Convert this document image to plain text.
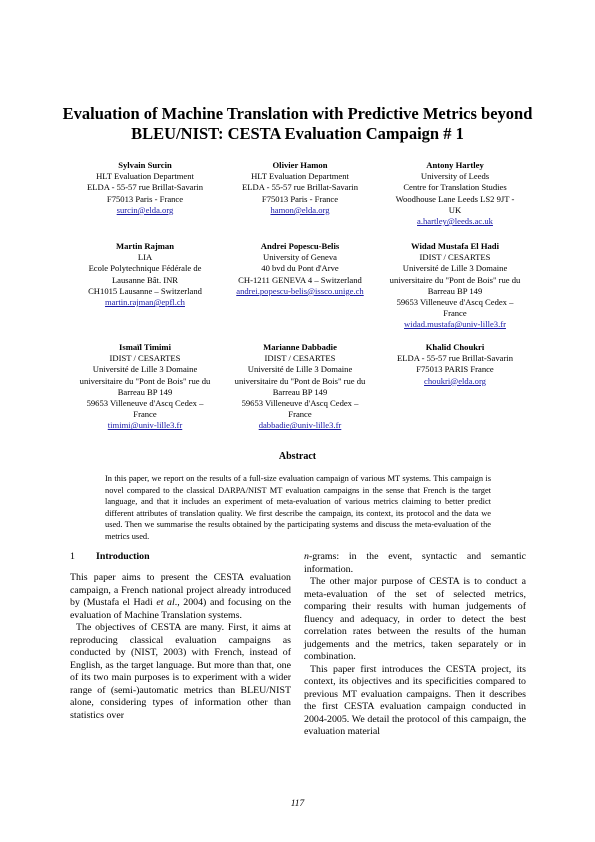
Evaluation of Machine Translation with Predictive Metrics beyond
BLEU/NIST: CESTA Evaluation Campaign # 1
Sylvain Surcin
HLT Evaluation Department
ELDA - 55-57 rue Brillat-Savarin
F75013 Paris - France
surcin@elda.org
Olivier Hamon
HLT Evaluation Department
ELDA - 55-57 rue Brillat-Savarin
F75013 Paris - France
hamon@elda.org
Antony Hartley
University of Leeds
Centre for Translation Studies
Woodhouse Lane Leeds LS2 9JT -
UK
a.hartley@leeds.ac.uk
Martin Rajman
LIA
Ecole Polytechnique Fédérale de
Lausanne Bât. INR
CH1015 Lausanne – Switzerland
martin.rajman@epfl.ch
Andrei Popescu-Belis
University of Geneva
40 bvd du Pont d'Arve
CH-1211 GENEVA 4 – Switzerland
andrei.popescu-belis@issco.unige.ch
Widad Mustafa El Hadi
IDIST / CESARTES
Université de Lille 3 Domaine
universitaire du "Pont de Bois" rue du
Barreau BP 149
59653 Villeneuve d'Ascq Cedex –
France
widad.mustafa@univ-lille3.fr
Ismaïl Timimi
IDIST / CESARTES
Université de Lille 3 Domaine
universitaire du "Pont de Bois" rue du
Barreau BP 149
59653 Villeneuve d'Ascq Cedex –
France
timimi@univ-lille3.fr
Marianne Dabbadie
IDIST / CESARTES
Université de Lille 3 Domaine
universitaire du "Pont de Bois" rue du
Barreau BP 149
59653 Villeneuve d'Ascq Cedex –
France
dabbadie@univ-lille3.fr
Khalid Choukri
ELDA - 55-57 rue Brillat-Savarin
F75013 PARIS France
choukri@elda.org
Abstract
In this paper, we report on the results of a full-size evaluation campaign of various MT systems. This campaign is novel compared to the classical DARPA/NIST MT evaluation campaigns in the sense that French is the target language, and that it includes an experiment of meta-evaluation of various metrics claiming to better predict different attributes of translation quality. We first describe the campaign, its context, its protocol and the data we used. Then we summarise the results obtained by the participating systems and discuss the meta-evaluation of the metrics used.
1 Introduction

This paper aims to present the CESTA evaluation campaign, a French national project already introduced by (Mustafa el Hadi et al., 2004) and focusing on the evaluation of Machine Translation systems.

The objectives of CESTA are many. First, it aims at reproducing classical evaluation campaigns as conducted by (NIST, 2003) with French, instead of English, as the target language. But more than that, one of its two main purposes is to experiment with a wider range of (semi-)automatic metrics than BLEU/NIST alone, considering types of information other than statistics over

n-grams: in the event, syntactic and semantic information.

The other major purpose of CESTA is to conduct a meta-evaluation of the set of selected metrics, comparing their results with human judgements of fluency and adequacy, in order to detect the best correlation rates between the results of the human judgements and the metrics, taken separately or in combination.

This paper first introduces the CESTA project, its context, its objectives and its specificities compared to previous MT evaluation campaigns. Then it describes the first CESTA evaluation campaign conducted in 2004-2005. We detail the protocol of this campaign, the evaluation material

117
